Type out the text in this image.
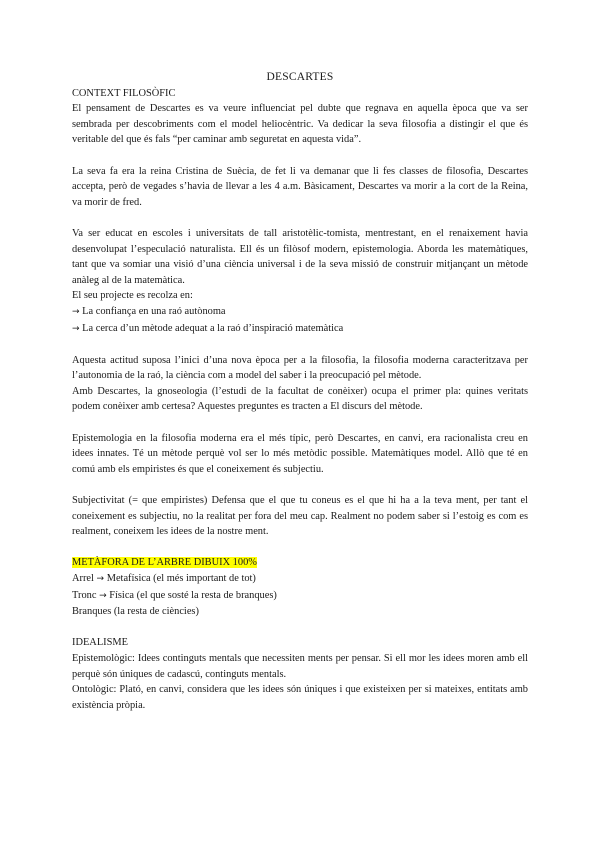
DESCARTES

CONTEXT FILOSÒFIC

El pensament de Descartes es va veure influenciat pel dubte que regnava en aquella època que va ser sembrada per descobriments com el model heliocèntric. Va dedicar la seva filosofia a distingir el que és veritable del que és fals “per caminar amb seguretat en aquesta vida”.

La seva fa era la reina Cristina de Suècia, de fet li va demanar que li fes classes de filosofia, Descartes accepta, però de vegades s’havia de llevar a les 4 a.m. Bàsicament, Descartes va morir a la cort de la Reina, va morir de fred.

Va ser educat en escoles i universitats de tall aristotèlic-tomista, mentrestant, en el renaixement havia desenvolupat l’especulació naturalista. Ell és un filòsof modern, epistemologia. Aborda les matemàtiques, tant que va somiar una visió d’una ciència universal i de la seva missió de construir mitjançant un mètode anàleg al de la matemàtica.

El seu projecte es recolza en:

→ La confiança en una raó autònoma

→ La cerca d’un mètode adequat a la raó d’inspiració matemàtica

Aquesta actitud suposa l’inici d’una nova època per a la filosofia, la filosofia moderna caracteritzava per l’autonomia de la raó, la ciència com a model del saber i la preocupació pel mètode.

Amb Descartes, la gnoseologia (l’estudi de la facultat de conèixer) ocupa el primer pla: quines veritats podem conèixer amb certesa? Aquestes preguntes es tracten a El discurs del mètode.

Epistemologia en la filosofia moderna era el més típic, però Descartes, en canvi, era racionalista creu en idees innates. Té un mètode perquè vol ser lo més metòdic possible. Matemàtiques model. Allò que té en comú amb els empiristes és que el coneixement és subjectiu.

Subjectivitat (= que empiristes) Defensa que el que tu coneus es el que hi ha a la teva ment, per tant el coneixement es subjectiu, no la realitat per fora del meu cap. Realment no podem saber si l’estoig es com es realment, coneixem les idees de la nostre ment.

METÀFORA DE L’ARBRE DIBUIX 100%

Arrel → Metafísica (el més important de tot)

Tronc → Física (el que sosté la resta de branques)

Branques (la resta de ciències)

IDEALISME

Epistemològic: Idees continguts mentals que necessiten ments per pensar. Si ell mor les idees moren amb ell perquè són úniques de cadascú, continguts mentals.

Ontològic: Plató, en canvi, considera que les idees són úniques i que existeixen per si mateixes, entitats amb existència pròpia.
